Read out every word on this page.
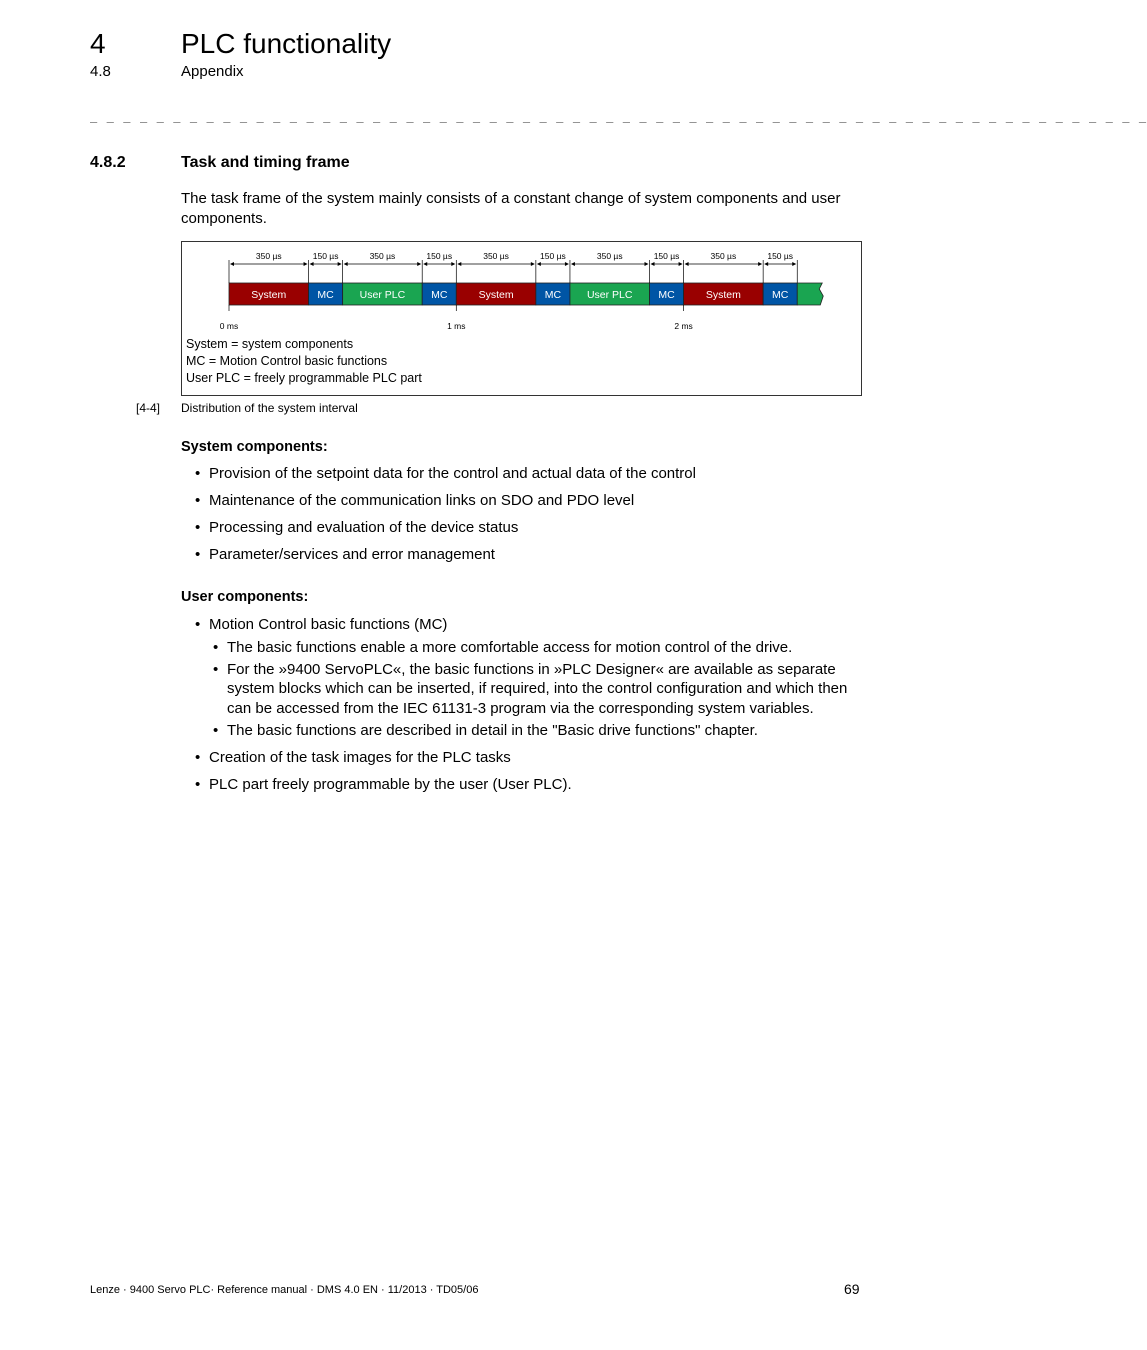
4	PLC functionality
4.8	Appendix
_ _ _ _ _ _ _ _ _ _ _ _ _ _ _ _ _ _ _ _ _ _ _ _ _ _ _ _ _ _ _ _ _ _ _ _ _ _ _ _ _ _ _ _ _ _ _ _ _ _ _ _ _ _ _ _ _ _ _ _ _ _ _ _
4.8.2	Task and timing frame
The task frame of the system mainly consists of a constant change of system components and user components.
System
350 µs
MC
150 µs
User PLC
350 µs
MC
150 µs
System
350 µs
MC
150 µs
User PLC
350 µs
MC
150 µs
System
350 µs
MC
150 µs
0 ms	1 ms	2 ms
System = system components
MC = Motion Control basic functions
User PLC = freely programmable PLC part
[4-4] Distribution of the system interval
System components:
• Provision of the setpoint data for the control and actual data of the control
• Maintenance of the communication links on SDO and PDO level
• Processing and evaluation of the device status
• Parameter/services and error management
User components:
• Motion Control basic functions (MC)
• The basic functions enable a more comfortable access for motion control of the drive.
• For the »9400 ServoPLC«, the basic functions in »PLC Designer« are available as separate system blocks which can be inserted, if required, into the control configuration and which then can be accessed from the IEC 61131-3 program via the corresponding system variables.
• The basic functions are described in detail in the "Basic drive functions" chapter.
• Creation of the task images for the PLC tasks
• PLC part freely programmable by the user (User PLC).
Lenze · 9400 Servo PLC· Reference manual · DMS 4.0 EN · 11/2013 · TD05/06	69
